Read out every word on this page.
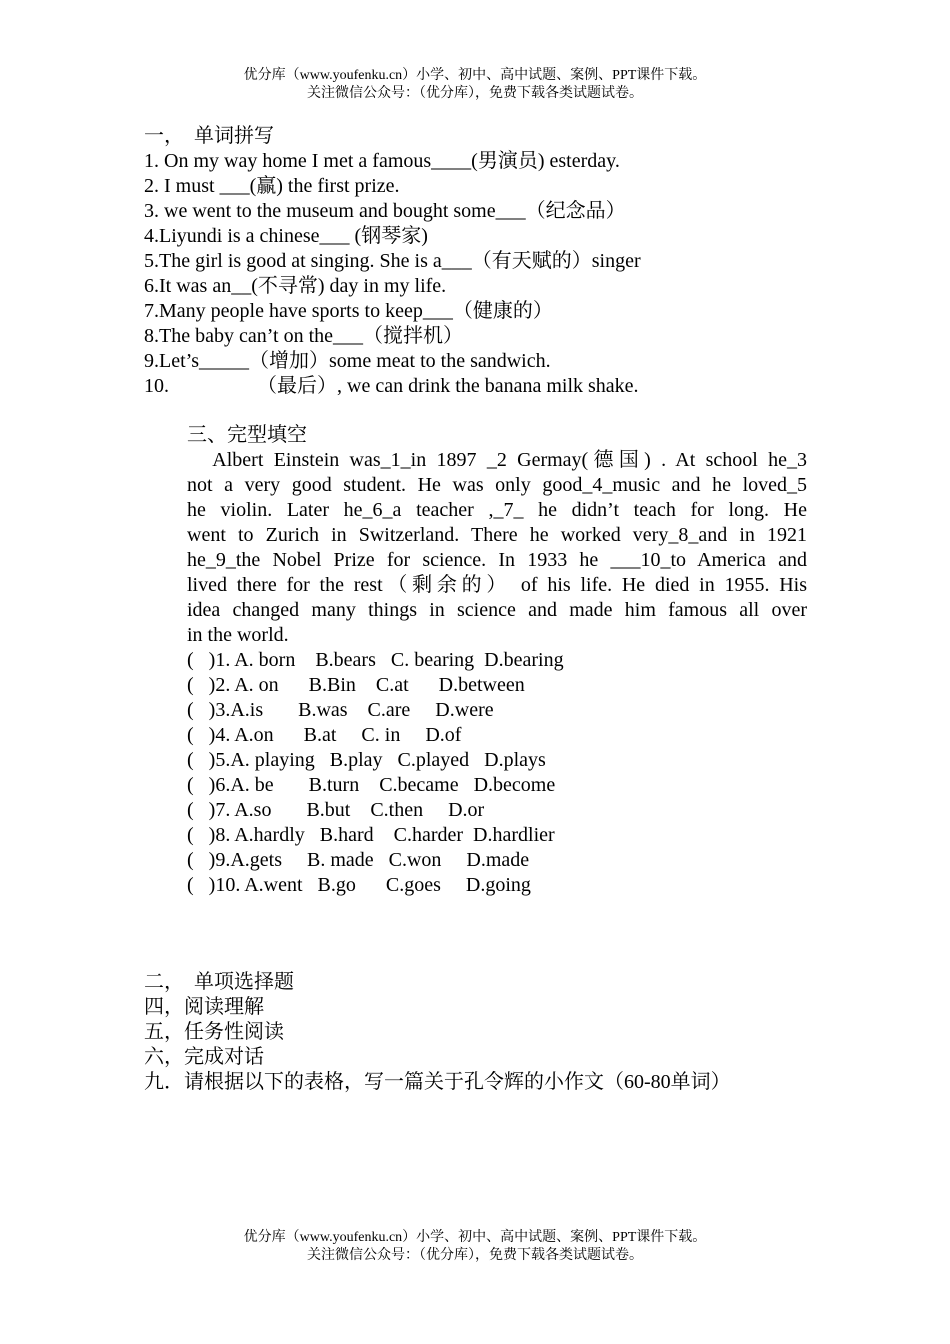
优分库（www.youfenku.cn）小学、初中、高中试题、案例、PPT课件下载。
关注微信公众号：（优分库），免费下载各类试题试卷。
一，　单词拼写
1. On my way home I met a famous____(男演员) esterday.
2. I must ___(赢) the first prize.
3. we went to the museum and bought some___（纪念品）
4.Liyundi is a chinese___ (钢琴家)
5.The girl is good at singing. She is a___（有天赋的）singer
6.It was an__(不寻常) day in my life.
7.Many people have sports to keep___（健康的）
8.The baby can’t on the___（搅拌机）
9.Let’s_____（增加）some meat to the sandwich.
10.	（最后）, we can drink the banana milk shake.
三、完型填空
　Albert Einstein was_1_in 1897 _2 Germay(德国) . At school he_3
not a very good student. He was only good_4_music and he loved_5
he violin. Later he_6_a teacher ,_7_ he didn’t teach for long. He
went to Zurich in Switzerland. There he worked very_8_and in 1921
he_9_the Nobel Prize for science. In 1933 he ___10_to America and
lived there for the rest（剩余的） of his life. He died in 1955. His
idea changed many things in science and made him famous all over
in the world.
(   )1. A. born    B.bears   C. bearing  D.bearing
(   )2. A. on      B.Bin    C.at      D.between
(   )3.A.is       B.was    C.are     D.were
(   )4. A.on      B.at     C. in     D.of
(   )5.A. playing   B.play   C.played   D.plays
(   )6.A. be       B.turn    C.became   D.become
(   )7. A.so       B.but    C.then     D.or
(   )8. A.hardly   B.hard    C.harder  D.hardlier
(   )9.A.gets     B. made   C.won     D.made
(   )10. A.went   B.go      C.goes     D.going
二，　单项选择题
四，阅读理解
五，任务性阅读
六，完成对话
九．请根据以下的表格，写一篇关于孔令辉的小作文（60-80单词）
优分库（www.youfenku.cn）小学、初中、高中试题、案例、PPT课件下载。
关注微信公众号：（优分库），免费下载各类试题试卷。
